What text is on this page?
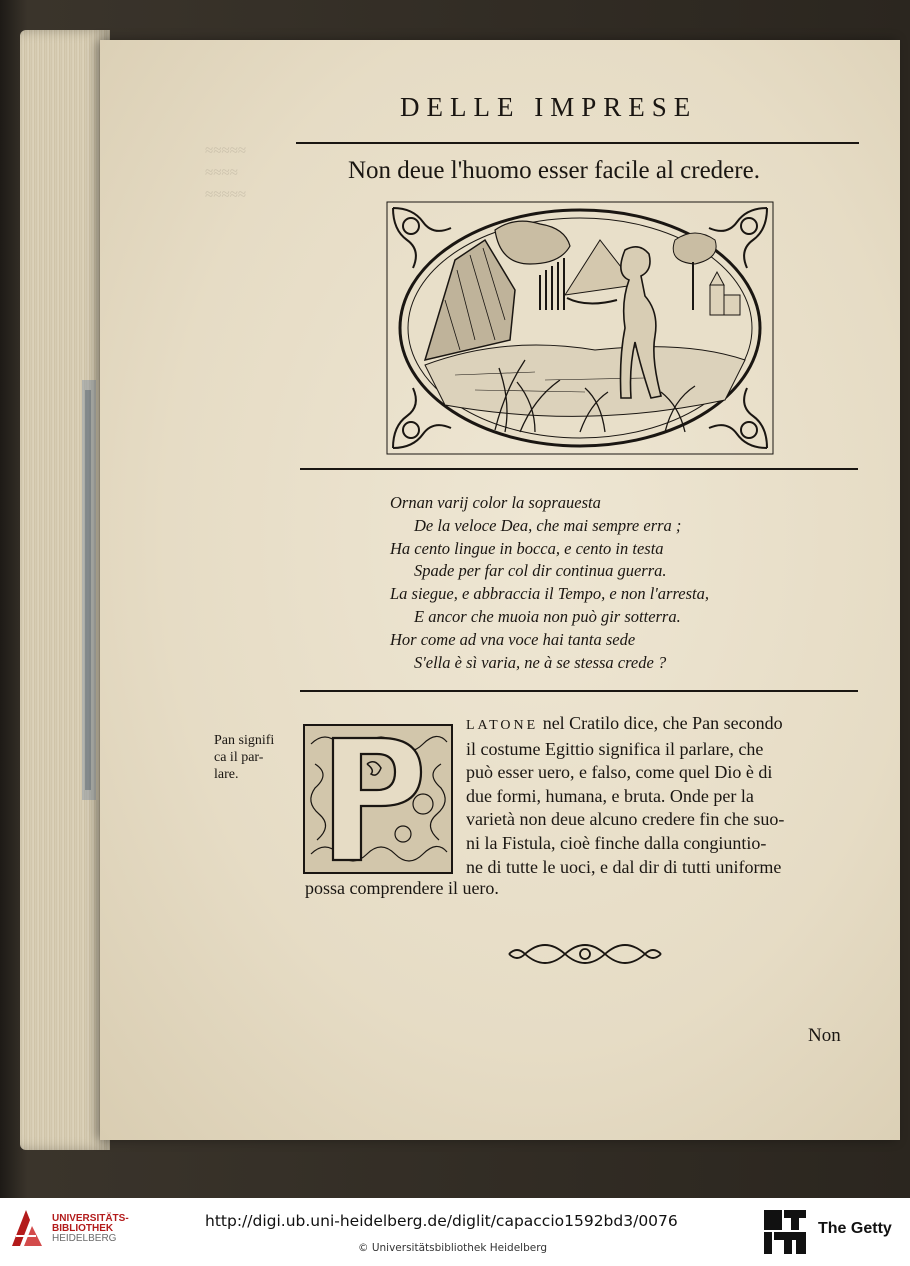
≈≈≈≈≈
≈≈≈≈
≈≈≈≈≈
DELLE IMPRESE
Non deue l'huomo esser facile al credere.
Ornan varij color la soprauesta
De la veloce Dea, che mai sempre erra ;
Ha cento lingue in bocca, e cento in testa
Spade per far col dir continua guerra.
La siegue, e abbraccia il Tempo, e non l'arresta,
E ancor che muoia non può gir sotterra.
Hor come ad vna voce hai tanta sede
S'ella è sì varia, ne à se stessa crede ?
Pan signifi
ca il par-
lare.
LATONE nel Cratilo dice, che Pan secondo
il costume Egittio significa il parlare, che
può esser uero, e falso, come quel Dio è di
due formi, humana, e bruta. Onde per la
varietà non deue alcuno credere fin che suo-
ni la Fistula, cioè finche dalla congiuntio-
ne di tutte le uoci, e dal dir di tutti uniforme
possa comprendere il uero.
Non
UNIVERSITÄTS-
BIBLIOTHEK
HEIDELBERG
http://digi.ub.uni-heidelberg.de/diglit/capaccio1592bd3/0076
© Universitätsbibliothek Heidelberg
The Getty
